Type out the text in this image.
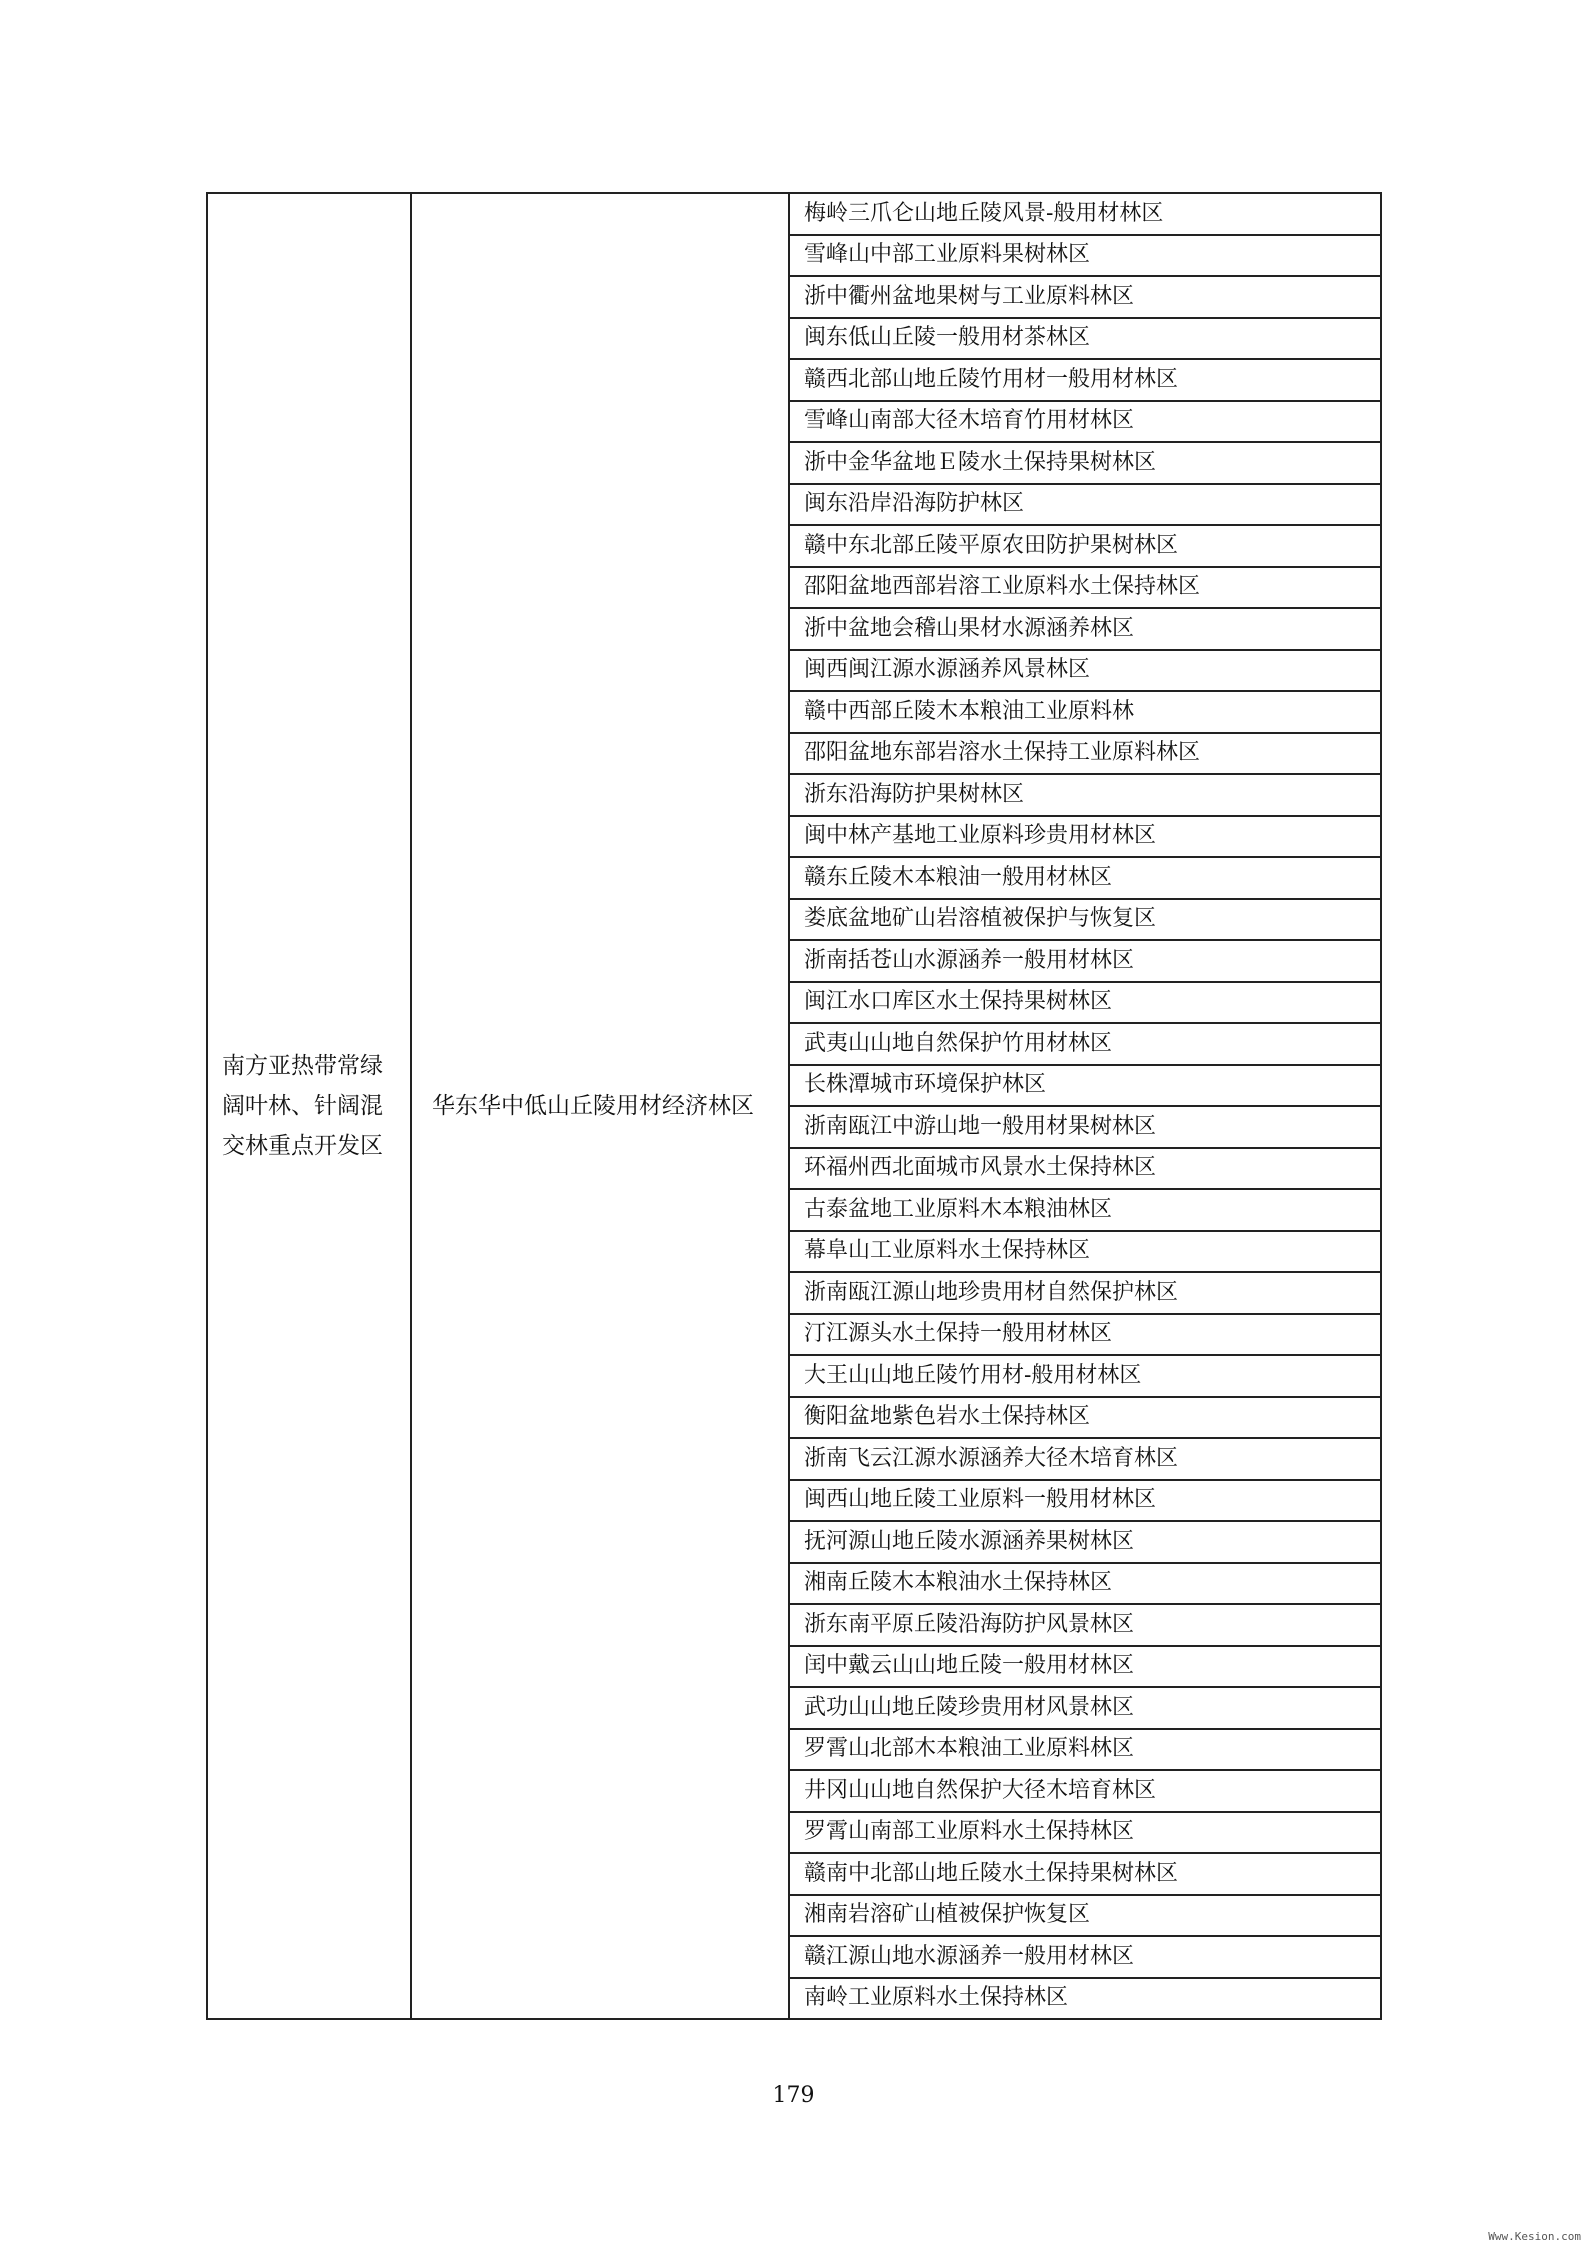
南方亚热带常绿阔叶林、针阔混交林重点开发区	华东华中低山丘陵用材经济林区	梅岭三爪仑山地丘陵风景-般用材林区
雪峰山中部工业原料果树林区
浙中衢州盆地果树与工业原料林区
闽东低山丘陵一般用材茶林区
赣西北部山地丘陵竹用材一般用材林区
雪峰山南部大径木培育竹用材林区
浙中金华盆地Ｅ陵水土保持果树林区
闽东沿岸沿海防护林区
赣中东北部丘陵平原农田防护果树林区
邵阳盆地西部岩溶工业原料水土保持林区
浙中盆地会稽山果材水源涵养林区
闽西闽江源水源涵养风景林区
赣中西部丘陵木本粮油工业原料林
邵阳盆地东部岩溶水土保持工业原料林区
浙东沿海防护果树林区
闽中林产基地工业原料珍贵用材林区
赣东丘陵木本粮油一般用材林区
娄底盆地矿山岩溶植被保护与恢复区
浙南括苍山水源涵养一般用材林区
闽江水口库区水土保持果树林区
武夷山山地自然保护竹用材林区
长株潭城市环境保护林区
浙南瓯江中游山地一般用材果树林区
环福州西北面城市风景水土保持林区
古泰盆地工业原料木本粮油林区
幕阜山工业原料水土保持林区
浙南瓯江源山地珍贵用材自然保护林区
汀江源头水土保持一般用材林区
大王山山地丘陵竹用材-般用材林区
衡阳盆地紫色岩水土保持林区
浙南飞云江源水源涵养大径木培育林区
闽西山地丘陵工业原料一般用材林区
抚河源山地丘陵水源涵养果树林区
湘南丘陵木本粮油水土保持林区
浙东南平原丘陵沿海防护风景林区
闰中戴云山山地丘陵一般用材林区
武功山山地丘陵珍贵用材风景林区
罗霄山北部木本粮油工业原料林区
井冈山山地自然保护大径木培育林区
罗霄山南部工业原料水土保持林区
赣南中北部山地丘陵水土保持果树林区
湘南岩溶矿山植被保护恢复区
赣江源山地水源涵养一般用材林区
南岭工业原料水土保持林区
179
Www.Kesion.com
